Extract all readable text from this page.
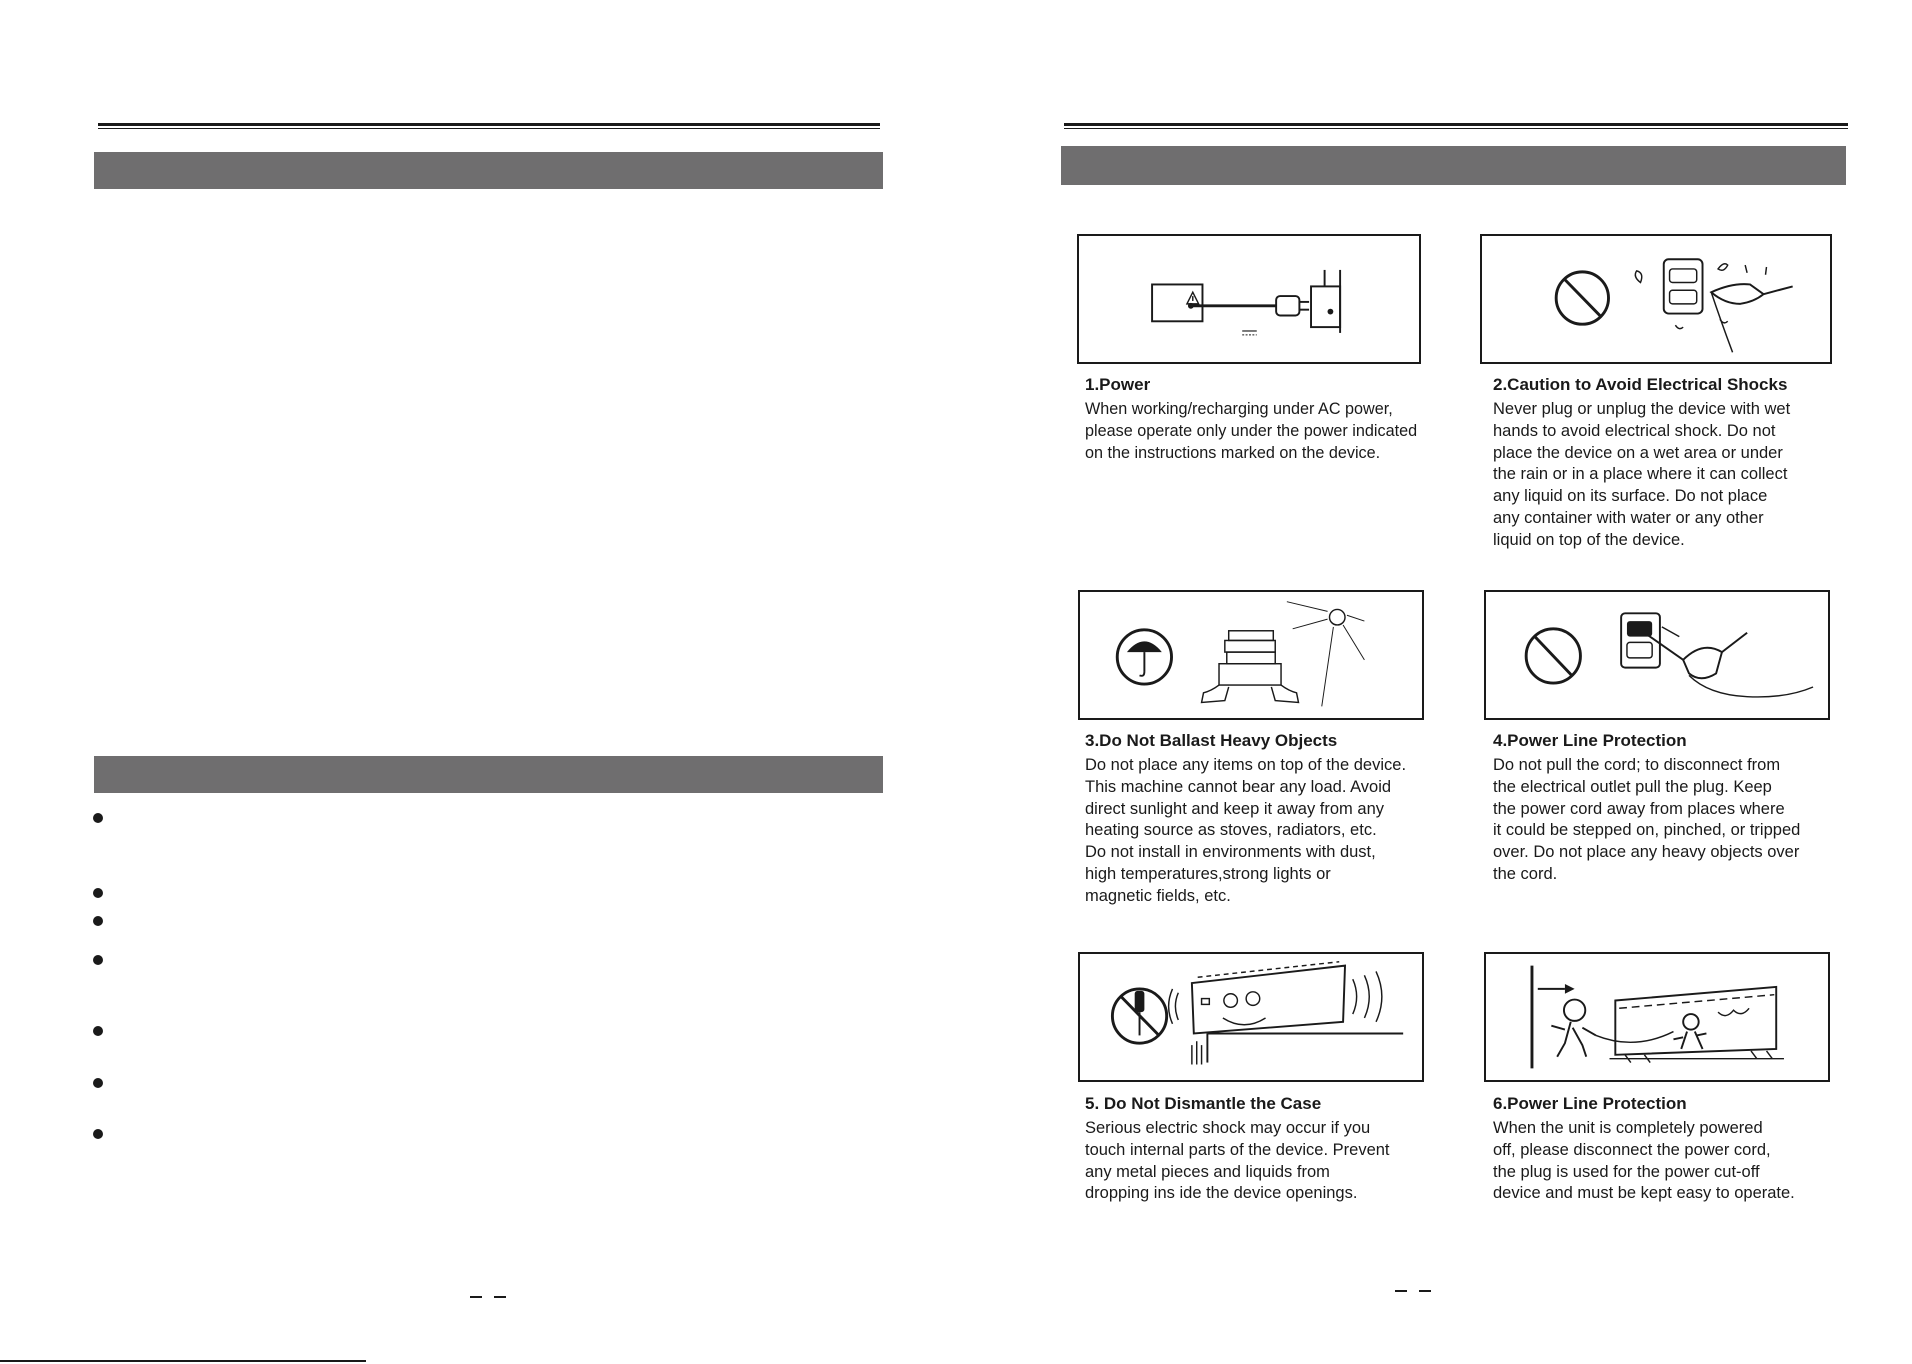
1.Power

When working/recharging under AC power,
please operate only under the power indicated
on the instructions marked on the device.

2.Caution to Avoid Electrical Shocks

Never plug or unplug the device with wet
hands to avoid electrical shock. Do not
place the device on a wet area or under
the rain or in a place where it can collect
any liquid on its surface. Do not place
any container with water or any other
liquid on top of the device.

3.Do Not Ballast Heavy Objects

Do not place any items on top of the device.
This machine cannot bear any load. Avoid
direct sunlight and keep it away from any
heating source as stoves, radiators, etc.
Do not install in environments with dust,
high temperatures,strong lights or
magnetic fields, etc.

4.Power Line Protection

Do not pull the cord; to disconnect from
the electrical outlet pull the plug. Keep
the power cord away from places where
it could be stepped on, pinched, or tripped
over. Do not place any heavy objects over
the cord.

5. Do Not Dismantle the Case

Serious electric shock may occur if you
touch internal parts of the device. Prevent
any metal pieces and liquids from
dropping ins ide the device openings.

6.Power Line Protection

When the unit is completely powered
off, please disconnect the power cord,
the plug is used for the power cut-off
device and must be kept easy to operate.
